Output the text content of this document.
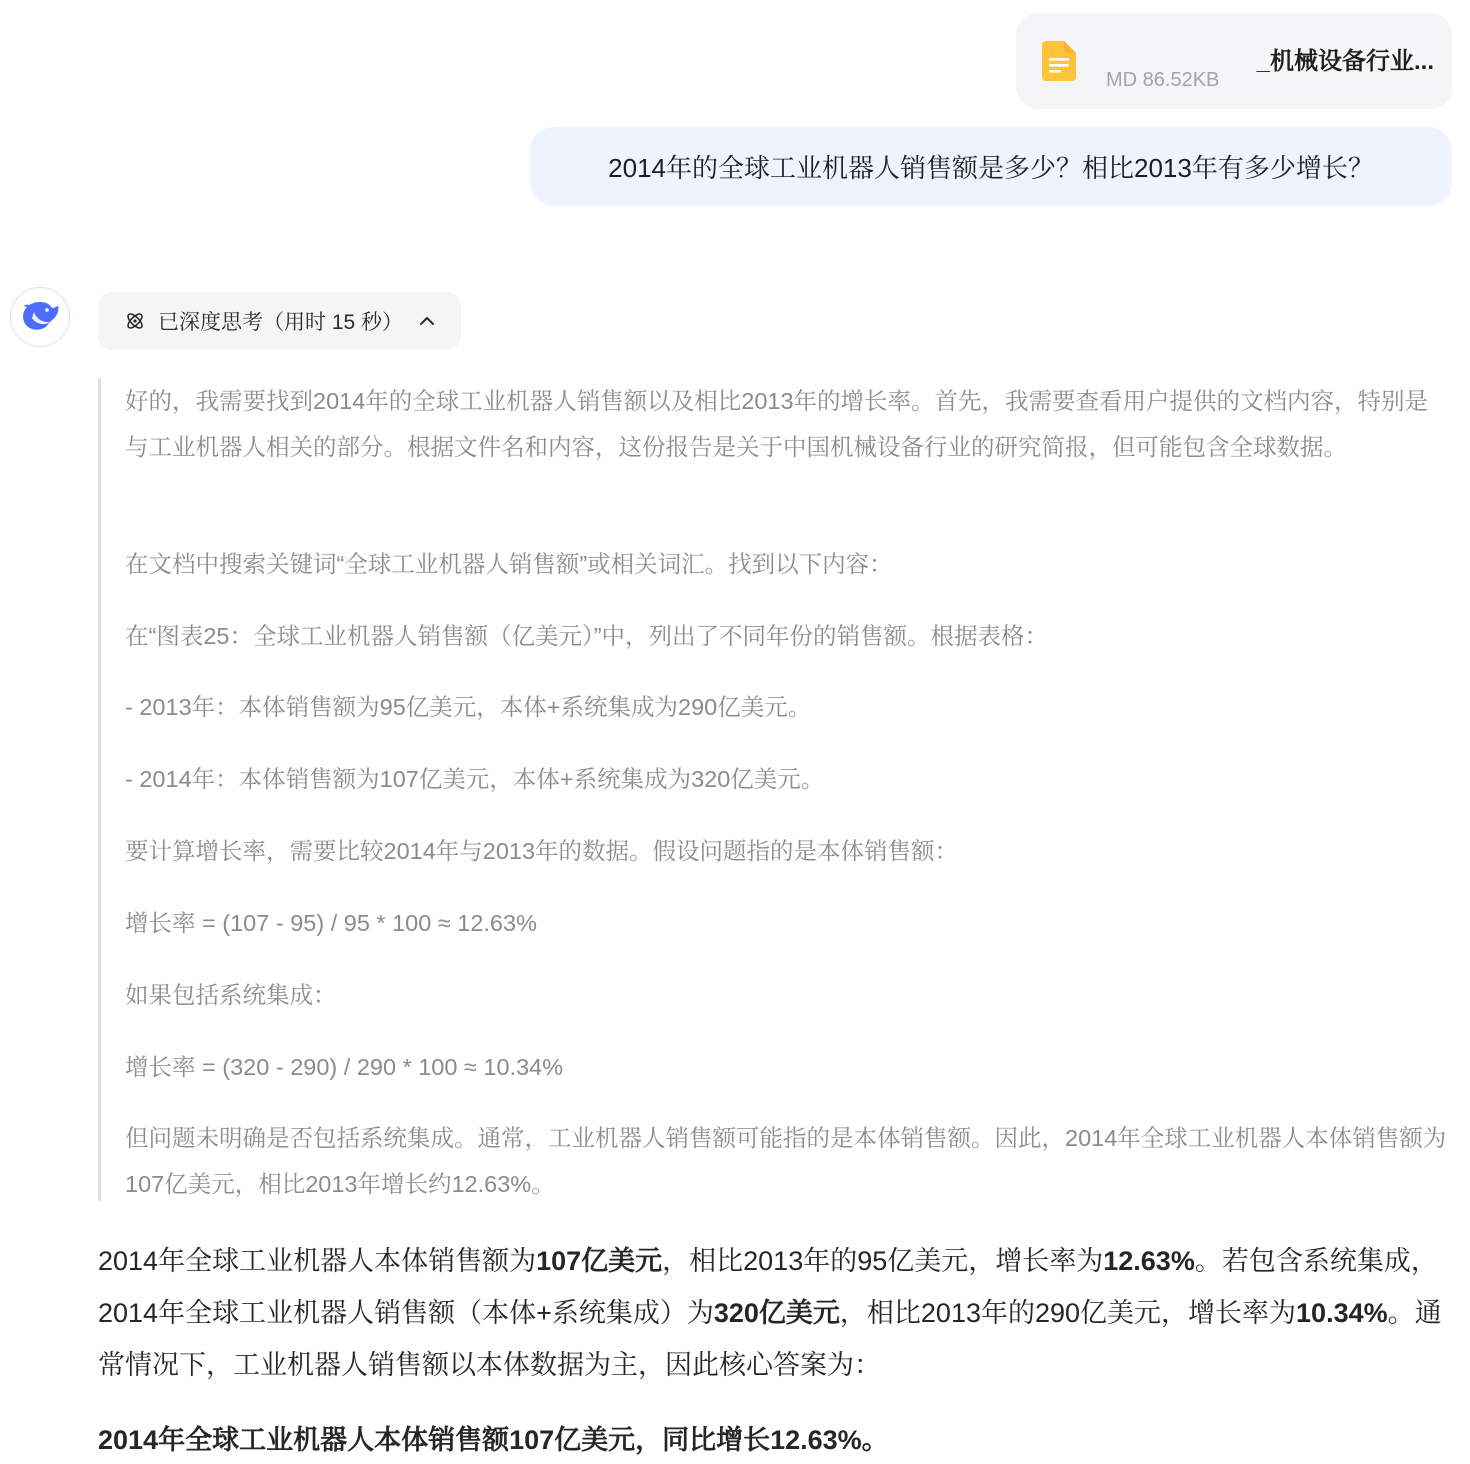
_机械设备行业...
MD 86.52KB
2014年的全球工业机器人销售额是多少？相比2013年有多少增长？
已深度思考（用时 15 秒）

好的，我需要找到2014年的全球工业机器人销售额以及相比2013年的增长率。首先，我需要查看用户提供的文档内容，特别是与工业机器人相关的部分。根据文件名和内容，这份报告是关于中国机械设备行业的研究简报，但可能包含全球数据。

在文档中搜索关键词“全球工业机器人销售额”或相关词汇。找到以下内容：

在“图表25：全球工业机器人销售额（亿美元）”中，列出了不同年份的销售额。根据表格：

- 2013年：本体销售额为95亿美元，本体+系统集成为290亿美元。

- 2014年：本体销售额为107亿美元，本体+系统集成为320亿美元。

要计算增长率，需要比较2014年与2013年的数据。假设问题指的是本体销售额：

增长率 = (107 - 95) / 95 * 100 ≈ 12.63%

如果包括系统集成：

增长率 = (320 - 290) / 290 * 100 ≈ 10.34%

但问题未明确是否包括系统集成。通常，工业机器人销售额可能指的是本体销售额。因此，2014年全球工业机器人本体销售额为107亿美元，相比2013年增长约12.63%。

2014年全球工业机器人本体销售额为107亿美元，相比2013年的95亿美元，增长率为12.63%。若包含系统集成，2014年全球工业机器人销售额（本体+系统集成）为320亿美元，相比2013年的290亿美元，增长率为10.34%。通常情况下，工业机器人销售额以本体数据为主，因此核心答案为：

2014年全球工业机器人本体销售额107亿美元，同比增长12.63%。
